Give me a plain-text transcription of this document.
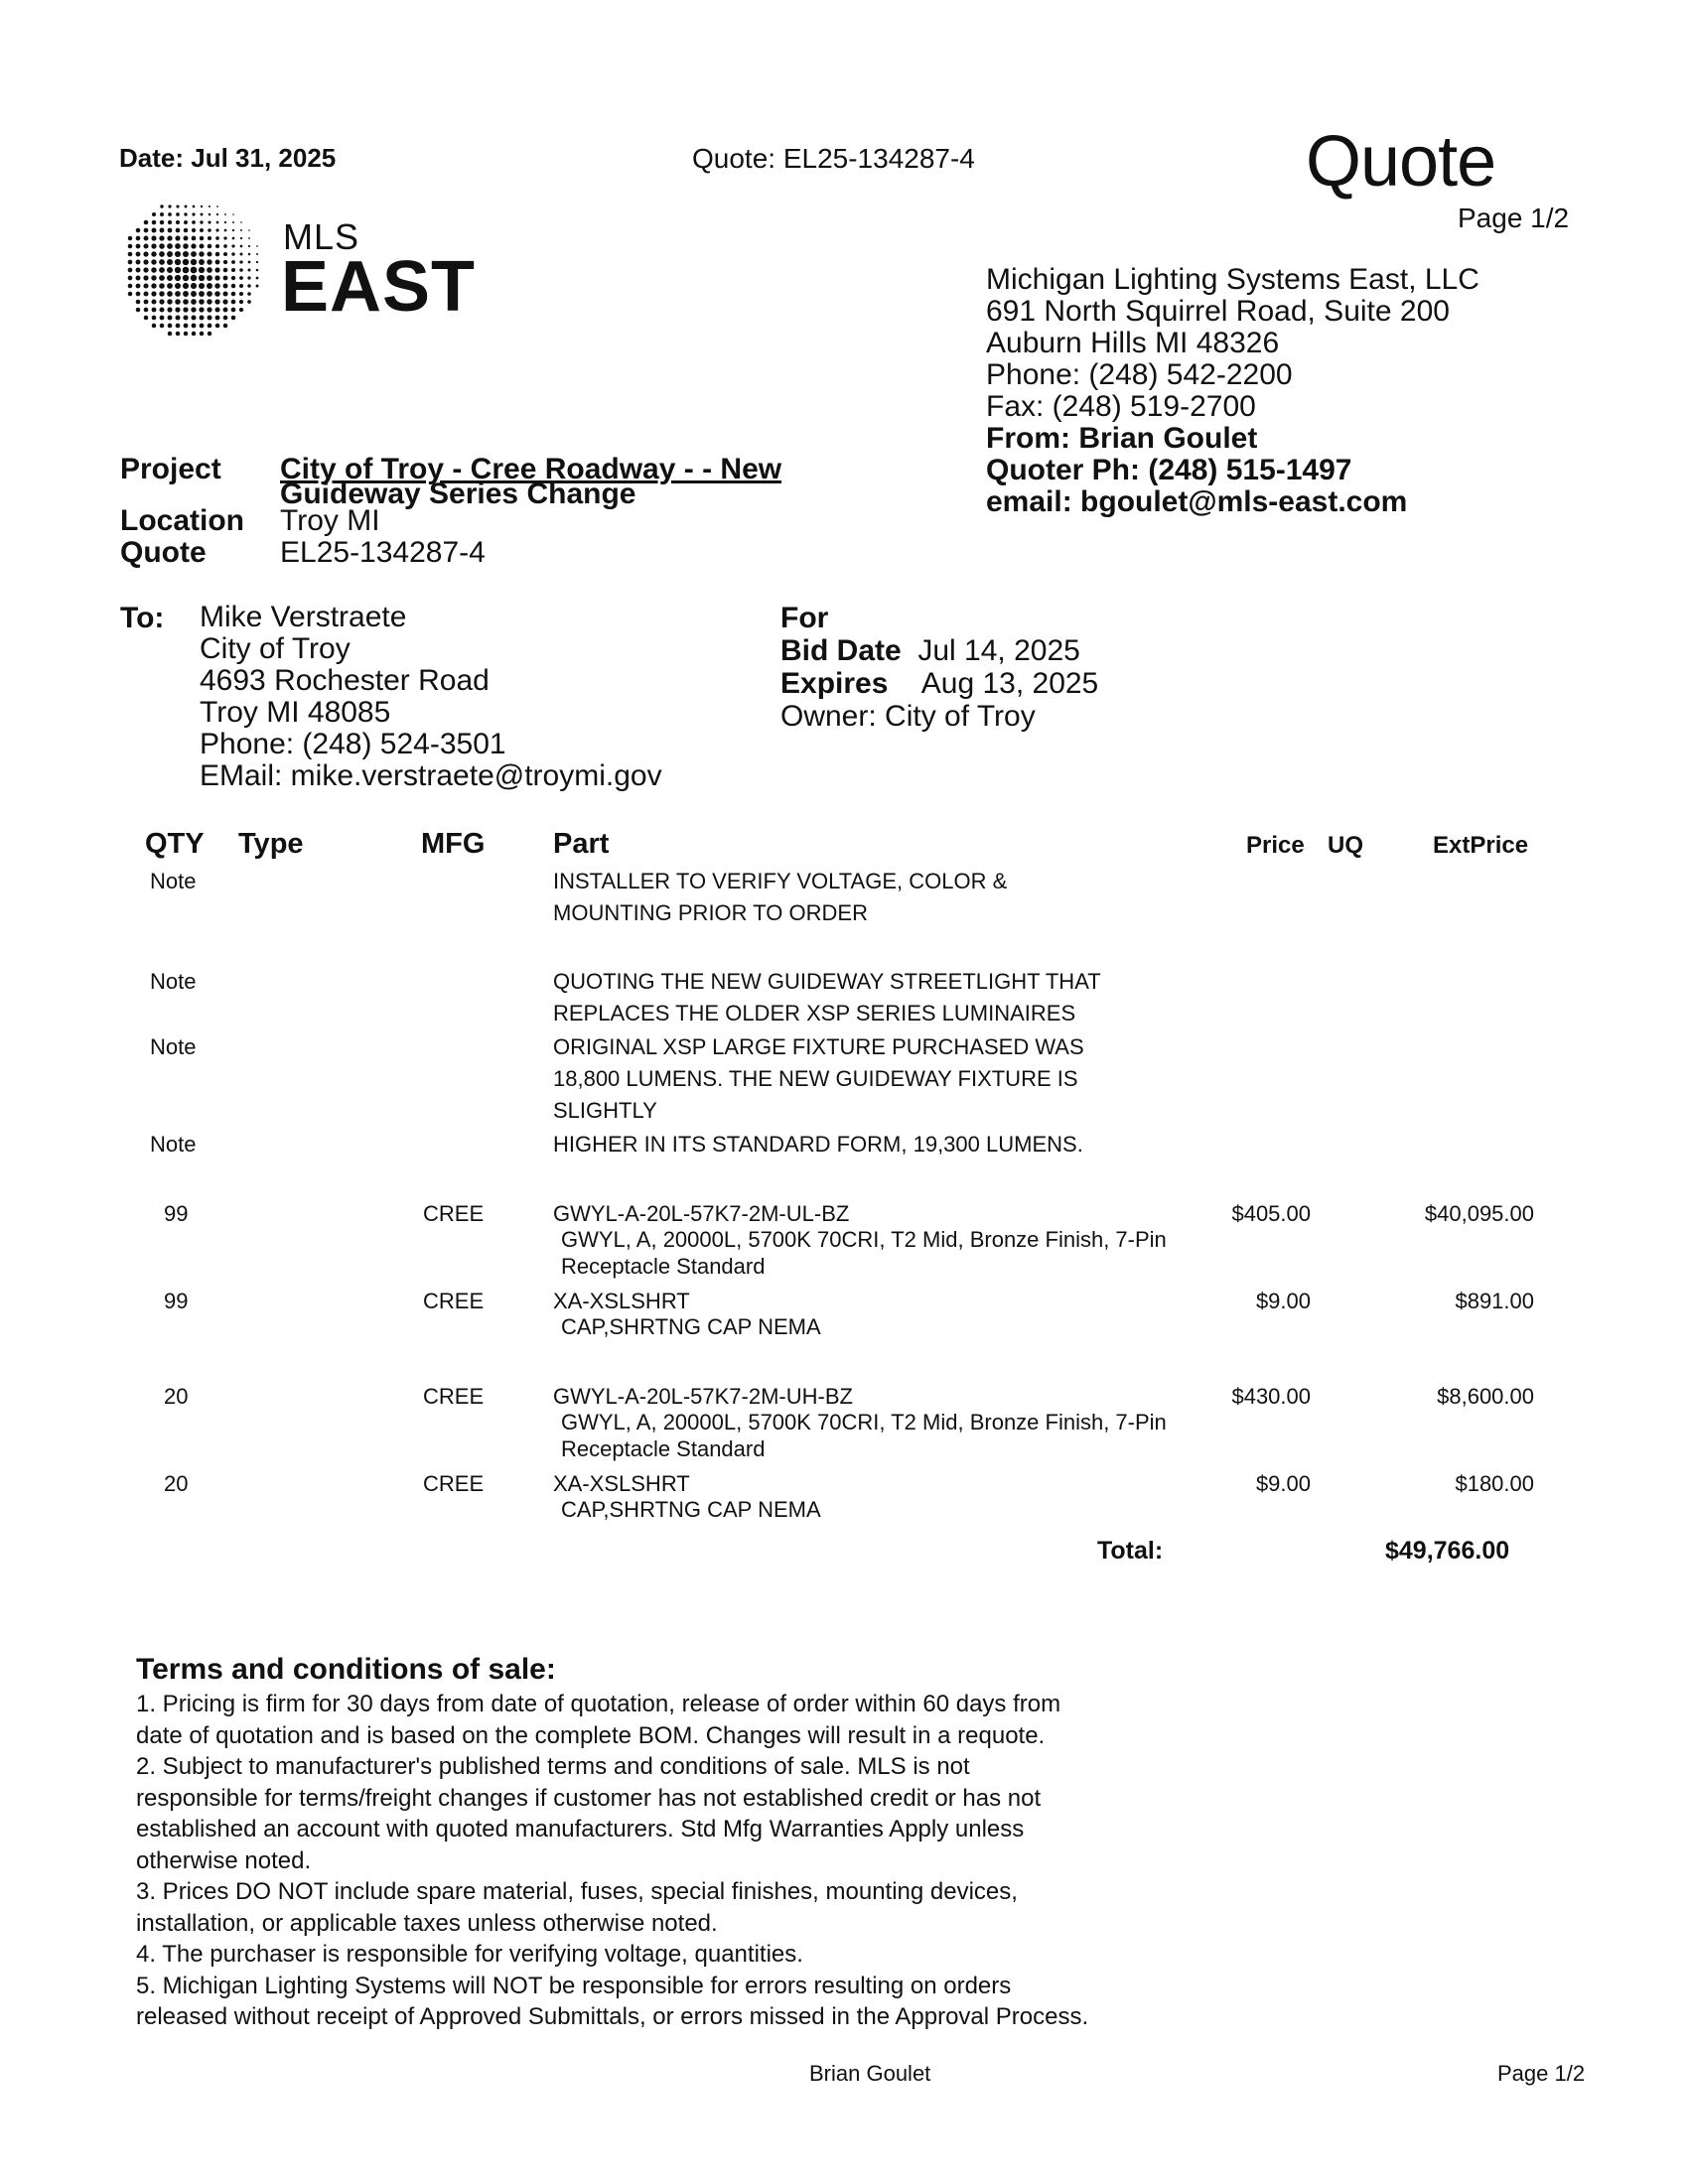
Date: Jul 31, 2025	Quote: EL25-134287-4	Quote
Page 1/2
MLS
EAST	Michigan Lighting Systems East, LLC
691 North Squirrel Road, Suite 200
Auburn Hills MI 48326
Phone: (248) 542-2200
Fax: (248) 519-2700
From: Brian Goulet
Quoter Ph: (248) 515-1497
email: bgoulet@mls-east.com
Project City of Troy - Cree Roadway - - New
Guideway Series Change
Location Troy MI
Quote EL25-134287-4
To: Mike Verstraete
City of Troy
4693 Rochester Road
Troy MI 48085
Phone: (248) 524-3501
EMail: mike.verstraete@troymi.gov
For
Bid Date Jul 14, 2025
Expires Aug 13, 2025
Owner: City of Troy
QTY Type	MFG Part	Price UQ	ExtPrice
Note	INSTALLER TO VERIFY VOLTAGE, COLOR &
MOUNTING PRIOR TO ORDER
Note	QUOTING THE NEW GUIDEWAY STREETLIGHT THAT
REPLACES THE OLDER XSP SERIES LUMINAIRES
Note	ORIGINAL XSP LARGE FIXTURE PURCHASED WAS
18,800 LUMENS. THE NEW GUIDEWAY FIXTURE IS
SLIGHTLY
Note	HIGHER IN ITS STANDARD FORM, 19,300 LUMENS.
99	CREE	GWYL-A-20L-57K7-2M-UL-BZ
GWYL, A, 20000L, 5700K 70CRI, T2 Mid, Bronze Finish, 7-Pin
Receptacle Standard
$405.00	$40,095.00
99	CREE	XA-XSLSHRT
CAP,SHRTNG CAP NEMA
$9.00	$891.00
20	CREE	GWYL-A-20L-57K7-2M-UH-BZ
GWYL, A, 20000L, 5700K 70CRI, T2 Mid, Bronze Finish, 7-Pin
Receptacle Standard
$430.00	$8,600.00
20	CREE	XA-XSLSHRT
CAP,SHRTNG CAP NEMA
$9.00	$180.00
Total:	$49,766.00
Terms and conditions of sale:
1. Pricing is firm for 30 days from date of quotation, release of order within 60 days from
date of quotation and is based on the complete BOM. Changes will result in a requote.
2. Subject to manufacturer's published terms and conditions of sale. MLS is not
responsible for terms/freight changes if customer has not established credit or has not
established an account with quoted manufacturers. Std Mfg Warranties Apply unless
otherwise noted.
3. Prices DO NOT include spare material, fuses, special finishes, mounting devices,
installation, or applicable taxes unless otherwise noted.
4. The purchaser is responsible for verifying voltage, quantities.
5. Michigan Lighting Systems will NOT be responsible for errors resulting on orders
released without receipt of Approved Submittals, or errors missed in the Approval Process.
Brian Goulet	Page 1/2
